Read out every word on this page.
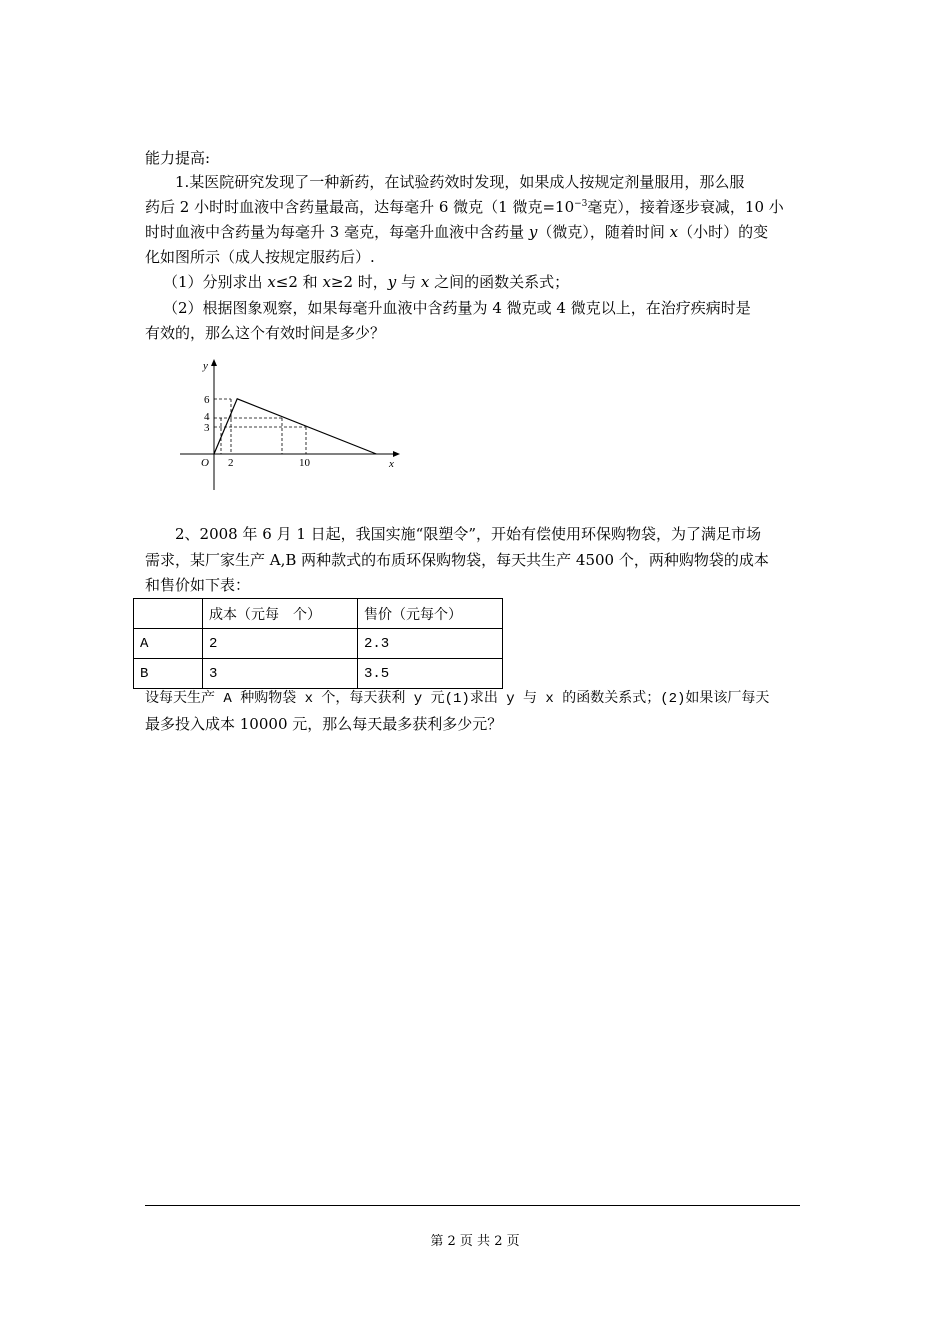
能力提高:
1.某医院研究发现了一种新药，在试验药效时发现，如果成人按规定剂量服用，那么服
药后 2 小时时血液中含药量最高，达每毫升 6 微克（1 微克$=10^{-3}$毫克），接着逐步衰减，10 小
时时血液中含药量为每毫升 3 毫克，每毫升血液中含药量 y（微克），随着时间 x（小时）的变
化如图所示（成人按规定服药后）.
（1）分别求出 x≤2 和 x≥2 时，y 与 x 之间的函数关系式；
（2）根据图象观察，如果每毫升血液中含药量为 4 微克或 4 微克以上，在治疗疾病时是
有效的，那么这个有效时间是多少？
y
x
O
6
4
3
2	10
2、2008 年 6 月 1 日起，我国实施“限塑令”，开始有偿使用环保购物袋，为了满足市场
需求，某厂家生产 A,B 两种款式的布质环保购物袋，每天共生产 4500 个，两种购物袋的成本
和售价如下表：
	成本（元每　个）	售价（元每个）
A	2	2.3
B	3	3.5
设每天生产 A 种购物袋 x 个，每天获利 y 元(1)求出 y 与 x 的函数关系式；(2)如果该厂每天
最多投入成本 10000 元，那么每天最多获利多少元？
第 2 页 共 2 页
